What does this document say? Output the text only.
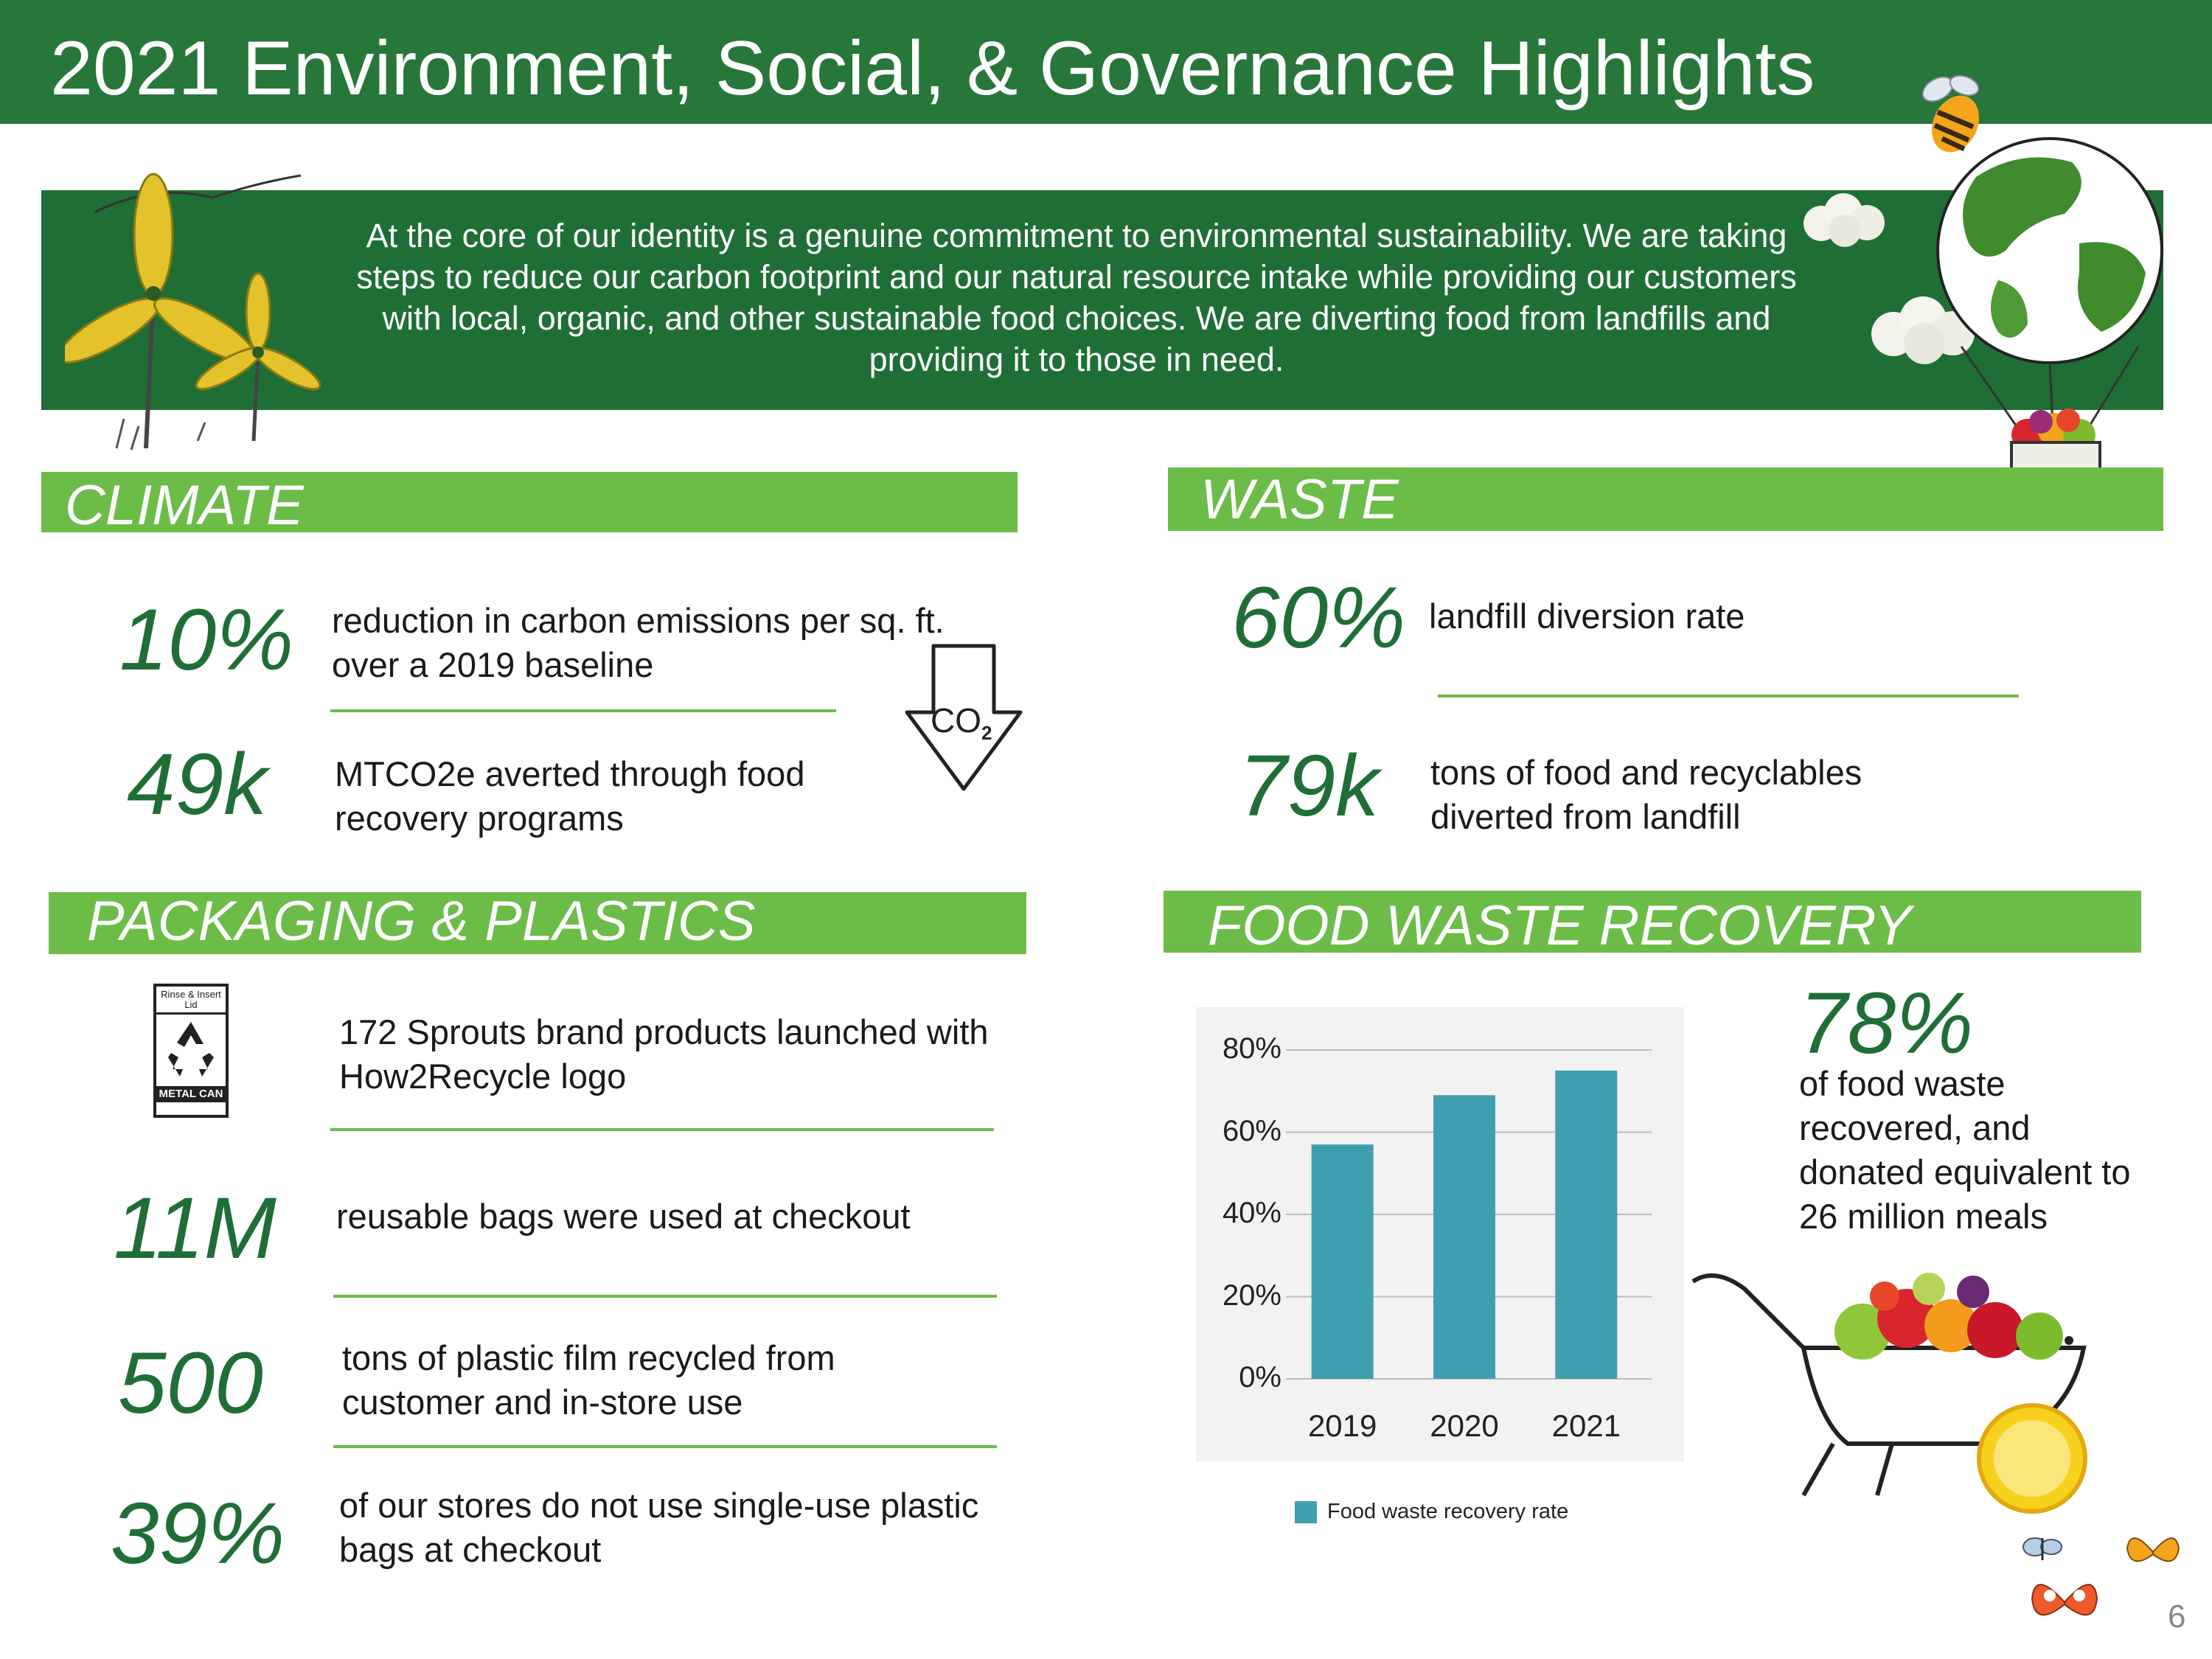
2021 Environment, Social, & Governance Highlights
At the core of our identity is a genuine commitment to environmental sustainability. We are taking steps to reduce our carbon footprint and our natural resource intake while providing our customers with local, organic, and other sustainable food choices. We are diverting food from landfills and providing it to those in need.
CLIMATE
10% reduction in carbon emissions per sq. ft. over a 2019 baseline
49k MTCO2e averted through food recovery programs
$CO_2$
WASTE
60% landfill diversion rate
79k tons of food and recyclables diverted from landfill
PACKAGING & PLASTICS
Rinse & Insert Lid
METAL CAN
172 Sprouts brand products launched with How2Recycle logo
11M reusable bags were used at checkout
500 tons of plastic film recycled from customer and in-store use
39% of our stores do not use single-use plastic bags at checkout
FOOD WASTE RECOVERY
0%
20%
40%
60%
80%
2019	2020	2021
Food waste recovery rate
78%
of food waste recovered, and donated equivalent to 26 million meals
6
